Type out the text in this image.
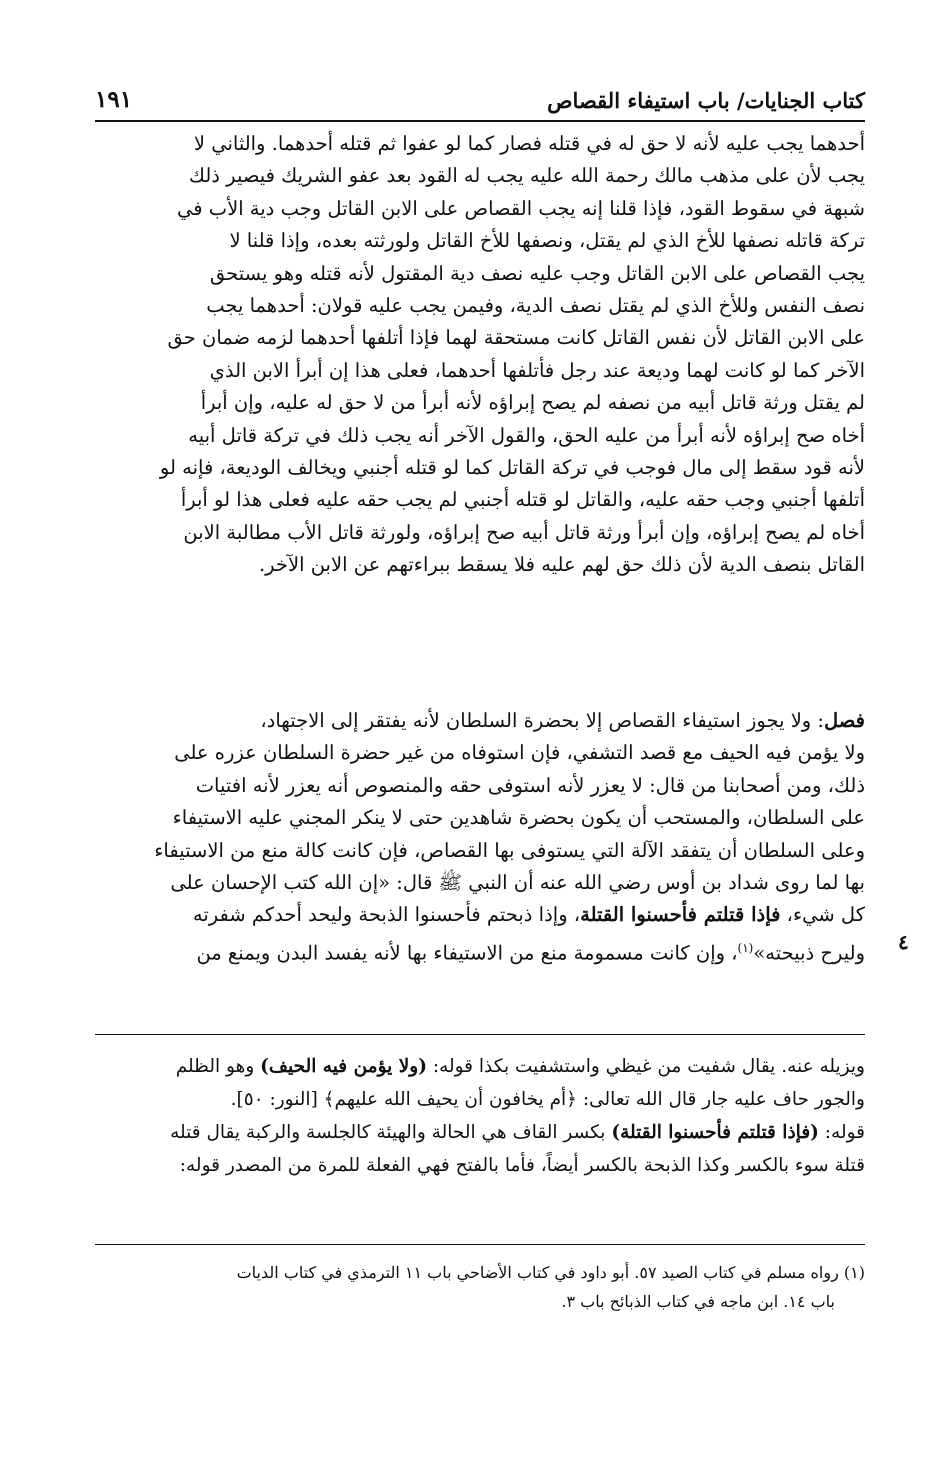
كتاب الجنايات/ باب استيفاء القصاص
١٩١
أحدهما يجب عليه لأنه لا حق له في قتله فصار كما لو عفوا ثم قتله أحدهما. والثاني لا
يجب لأن على مذهب مالك رحمة الله عليه يجب له القود بعد عفو الشريك فيصير ذلك
شبهة في سقوط القود، فإذا قلنا إنه يجب القصاص على الابن القاتل وجب دية الأب في
تركة قاتله نصفها للأخ الذي لم يقتل، ونصفها للأخ القاتل ولورثته بعده، وإذا قلنا لا
يجب القصاص على الابن القاتل وجب عليه نصف دية المقتول لأنه قتله وهو يستحق
نصف النفس وللأخ الذي لم يقتل نصف الدية، وفيمن يجب عليه قولان: أحدهما يجب
على الابن القاتل لأن نفس القاتل كانت مستحقة لهما فإذا أتلفها أحدهما لزمه ضمان حق
الآخر كما لو كانت لهما وديعة عند رجل فأتلفها أحدهما، فعلى هذا إن أبرأ الابن الذي
لم يقتل ورثة قاتل أبيه من نصفه لم يصح إبراؤه لأنه أبرأ من لا حق له عليه، وإن أبرأ
أخاه صح إبراؤه لأنه أبرأ من عليه الحق، والقول الآخر أنه يجب ذلك في تركة قاتل أبيه
لأنه قود سقط إلى مال فوجب في تركة القاتل كما لو قتله أجنبي ويخالف الوديعة، فإنه لو
أتلفها أجنبي وجب حقه عليه، والقاتل لو قتله أجنبي لم يجب حقه عليه فعلى هذا لو أبرأ
أخاه لم يصح إبراؤه، وإن أبرأ ورثة قاتل أبيه صح إبراؤه، ولورثة قاتل الأب مطالبة الابن
القاتل بنصف الدية لأن ذلك حق لهم عليه فلا يسقط ببراءتهم عن الابن الآخر.
فصل: ولا يجوز استيفاء القصاص إلا بحضرة السلطان لأنه يفتقر إلى الاجتهاد،
ولا يؤمن فيه الحيف مع قصد التشفي، فإن استوفاه من غير حضرة السلطان عزره على
ذلك، ومن أصحابنا من قال: لا يعزر لأنه استوفى حقه والمنصوص أنه يعزر لأنه افتيات
على السلطان، والمستحب أن يكون بحضرة شاهدين حتى لا ينكر المجني عليه الاستيفاء
وعلى السلطان أن يتفقد الآلة التي يستوفى بها القصاص، فإن كانت كالة منع من الاستيفاء
بها لما روى شداد بن أوس رضي الله عنه أن النبي ﷺ قال: «إن الله كتب الإحسان على
كل شيء، فإذا قتلتم فأحسنوا القتلة، وإذا ذبحتم فأحسنوا الذبحة وليحد أحدكم شفرته
وليرح ذبيحته»$^{(١)}$، وإن كانت مسمومة منع من الاستيفاء بها لأنه يفسد البدن ويمنع من	٤
ويزيله عنه. يقال شفيت من غيظي واستشفيت بكذا قوله: (ولا يؤمن فيه الحيف) وهو الظلم
والجور حاف عليه جار قال الله تعالى: ﴿أم يخافون أن يحيف الله عليهم﴾ [النور: ٥٠].
قوله: (فإذا قتلتم فأحسنوا القتلة) بكسر القاف هي الحالة والهيئة كالجلسة والركبة يقال قتله
قتلة سوء بالكسر وكذا الذبحة بالكسر أيضاً، فأما بالفتح فهي الفعلة للمرة من المصدر قوله:
(١) رواه مسلم في كتاب الصيد ٥٧. أبو داود في كتاب الأضاحي باب ١١ الترمذي في كتاب الديات
باب ١٤. ابن ماجه في كتاب الذبائح باب ٣.
